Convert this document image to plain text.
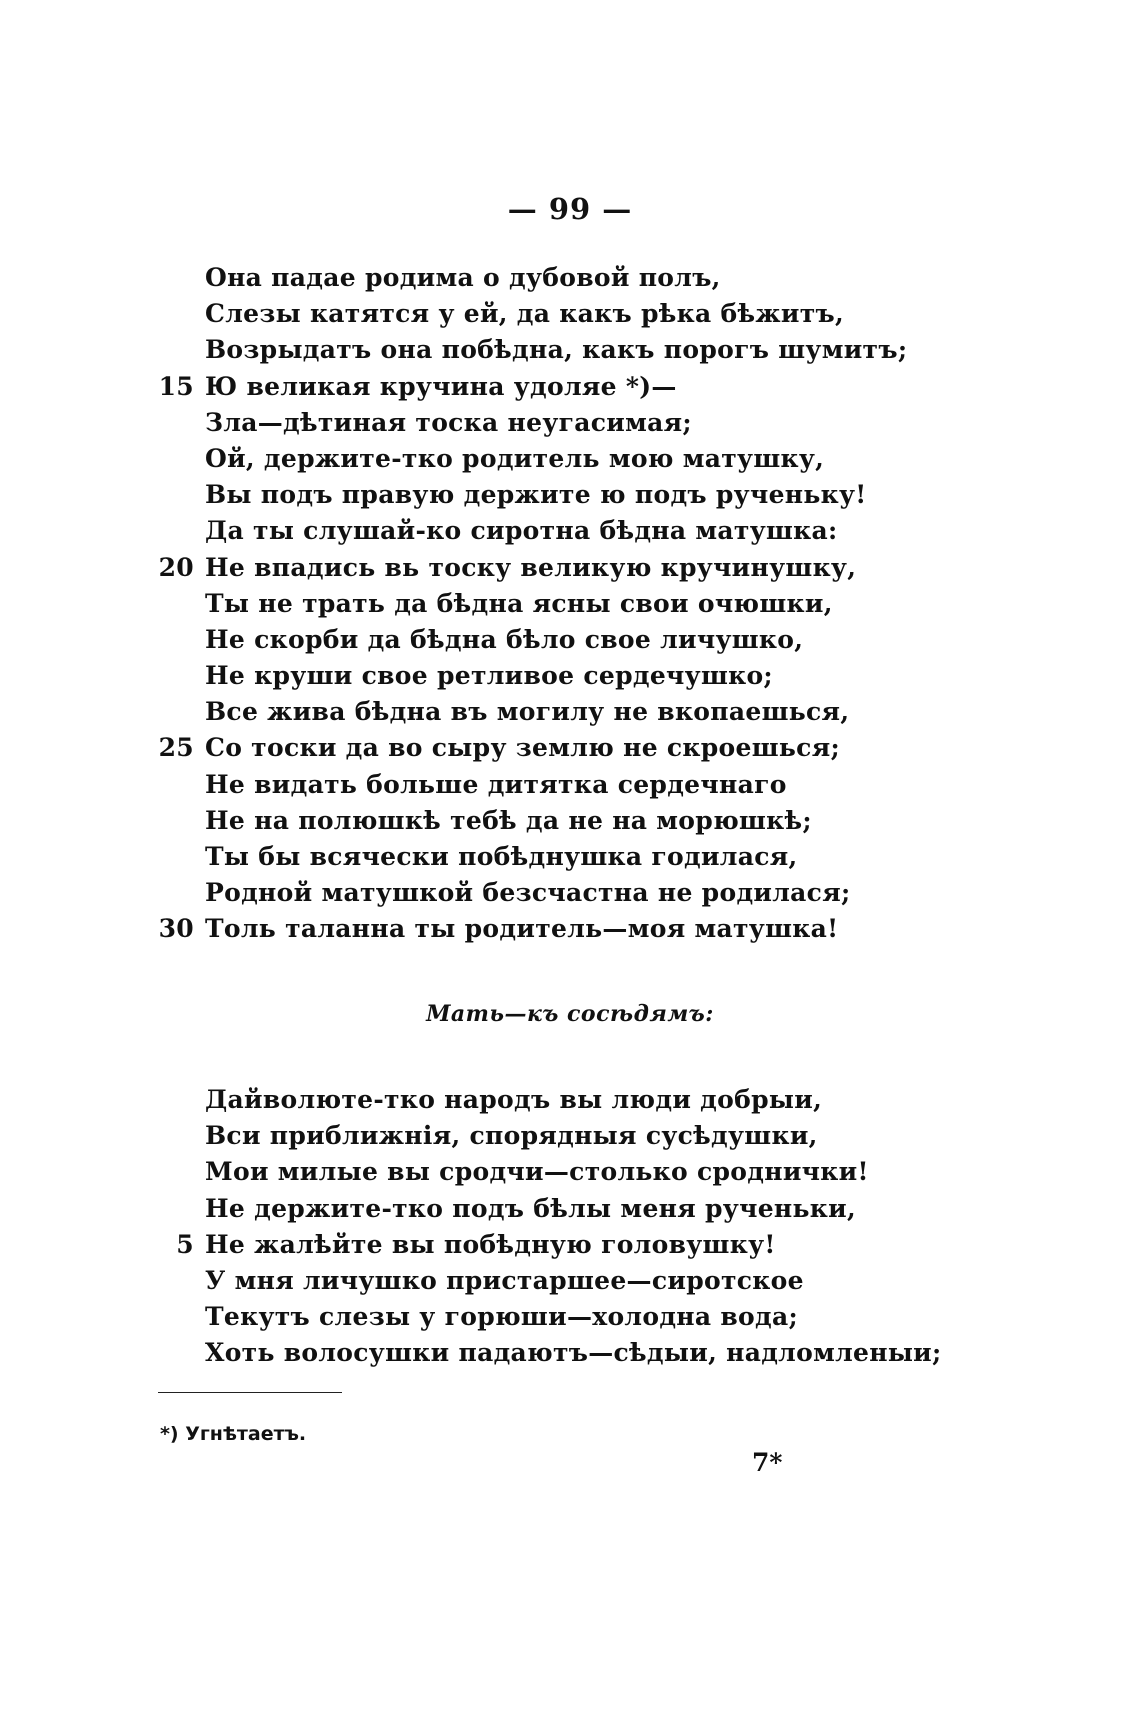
— 99 —
Она падае родима о дубовой полъ,
Слезы катятся у ей, да какъ рѣка бѣжитъ,
Возрыдатъ она побѣдна, какъ порогъ шумитъ;
15 Ю великая кручина удоляе *)—
Зла—дѣтиная тоска неугасимая;
Ой, держите-тко родитель мою матушку,
Вы подъ правую держите ю подъ рученьку!
Да ты слушай-ко сиротна бѣдна матушка:
20 Не впадись вь тоску великую кручинушку,
Ты не трать да бѣдна ясны свои очюшки,
Не скорби да бѣдна бѣло свое личушко,
Не круши свое ретливое сердечушко;
Все жива бѣдна въ могилу не вкопаешься,
25 Со тоски да во сыру землю не скроешься;
Не видать больше дитятка сердечнаго
Не на полюшкѣ тебѣ да не на морюшкѣ;
Ты бы всячески побѣднушка годилася,
Родной матушкой безсчастна не родилася;
30 Толь таланна ты родитель—моя матушка!
Мать—къ сосѣдямъ:
Дайволюте-тко народъ вы люди добрыи,
Вси приближнія, спорядныя сусѣдушки,
Мои милые вы сродчи—столько сроднички!
Не держите-тко подъ бѣлы меня рученьки,
5 Не жалѣйте вы побѣдную головушку!
У мня личушко пристаршее—сиротское
Текутъ слезы у горюши—холодна вода;
Хоть волосушки падаютъ—сѣдыи, надломленыи;
*) Угнѣтаетъ.
7*
